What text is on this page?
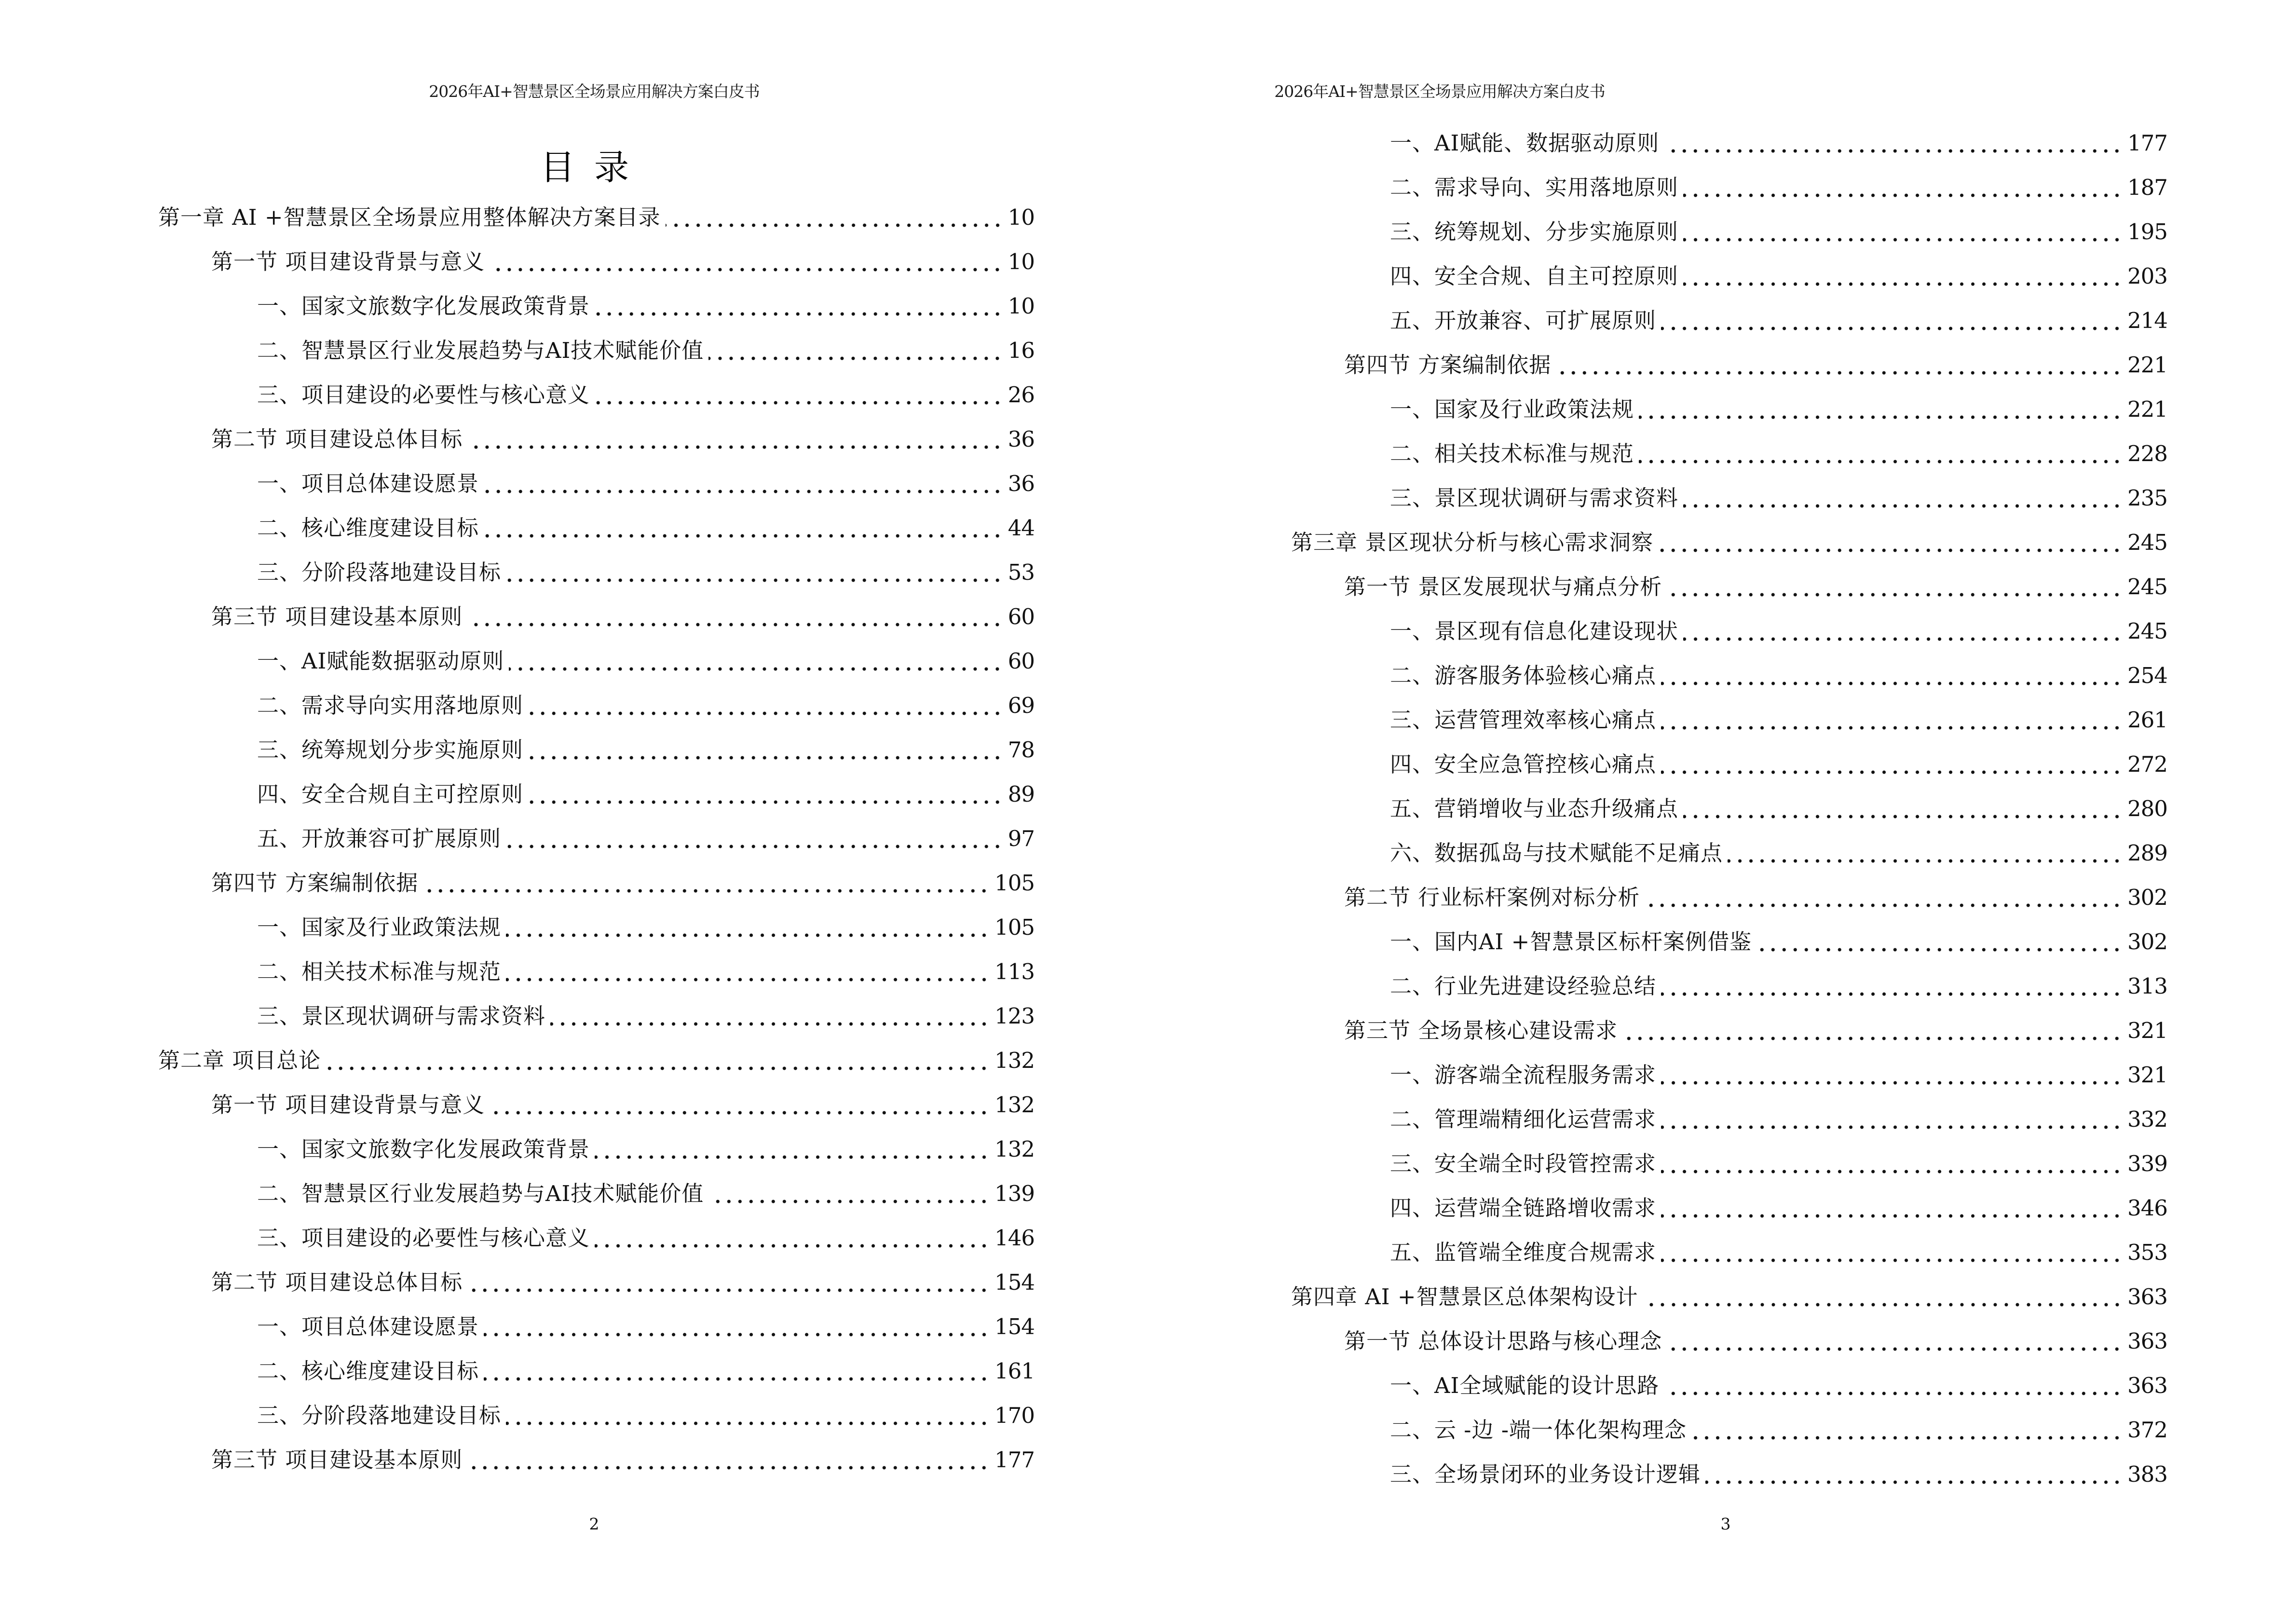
2026年AI+智慧景区全场景应用解决方案白皮书
目录
第一章 AI +智慧景区全场景应用整体解决方案目录	10
第一节 项目建设背景与意义	10
一、国家文旅数字化发展政策背景	10
二、智慧景区行业发展趋势与AI技术赋能价值	16
三、项目建设的必要性与核心意义	26
第二节 项目建设总体目标	36
一、项目总体建设愿景	36
二、核心维度建设目标	44
三、分阶段落地建设目标	53
第三节 项目建设基本原则	60
一、AI赋能数据驱动原则	60
二、需求导向实用落地原则	69
三、统筹规划分步实施原则	78
四、安全合规自主可控原则	89
五、开放兼容可扩展原则	97
第四节 方案编制依据	105
一、国家及行业政策法规	105
二、相关技术标准与规范	113
三、景区现状调研与需求资料	123
第二章 项目总论	132
第一节 项目建设背景与意义	132
一、国家文旅数字化发展政策背景	132
二、智慧景区行业发展趋势与AI技术赋能价值	139
三、项目建设的必要性与核心意义	146
第二节 项目建设总体目标	154
一、项目总体建设愿景	154
二、核心维度建设目标	161
三、分阶段落地建设目标	170
第三节 项目建设基本原则	177
2
2026年AI+智慧景区全场景应用解决方案白皮书
一、AI赋能、数据驱动原则	177
二、需求导向、实用落地原则	187
三、统筹规划、分步实施原则	195
四、安全合规、自主可控原则	203
五、开放兼容、可扩展原则	214
第四节 方案编制依据	221
一、国家及行业政策法规	221
二、相关技术标准与规范	228
三、景区现状调研与需求资料	235
第三章 景区现状分析与核心需求洞察	245
第一节 景区发展现状与痛点分析	245
一、景区现有信息化建设现状	245
二、游客服务体验核心痛点	254
三、运营管理效率核心痛点	261
四、安全应急管控核心痛点	272
五、营销增收与业态升级痛点	280
六、数据孤岛与技术赋能不足痛点	289
第二节 行业标杆案例对标分析	302
一、国内AI +智慧景区标杆案例借鉴	302
二、行业先进建设经验总结	313
第三节 全场景核心建设需求	321
一、游客端全流程服务需求	321
二、管理端精细化运营需求	332
三、安全端全时段管控需求	339
四、运营端全链路增收需求	346
五、监管端全维度合规需求	353
第四章 AI +智慧景区总体架构设计	363
第一节 总体设计思路与核心理念	363
一、AI全域赋能的设计思路	363
二、云 -边 -端一体化架构理念	372
三、全场景闭环的业务设计逻辑	383
3
